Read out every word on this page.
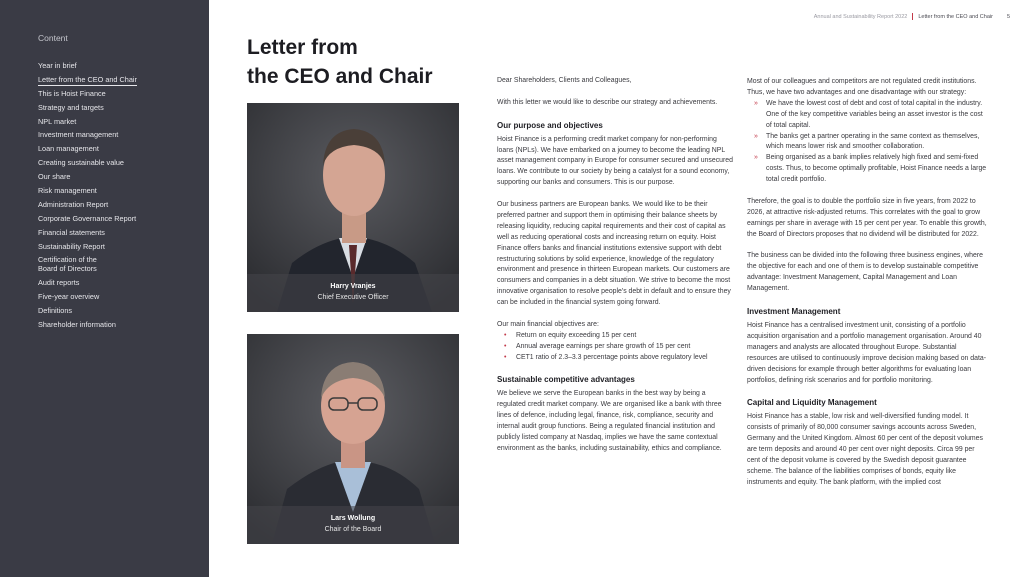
Content
Year in brief
Letter from the CEO and Chair
This is Hoist Finance
Strategy and targets
NPL market
Investment management
Loan management
Creating sustainable value
Our share
Risk management
Administration Report
Corporate Governance Report
Financial statements
Sustainability Report
Certification of the
Board of Directors
Audit reports
Five-year overview
Definitions
Shareholder information
Annual and Sustainability Report 2022 Letter from the CEO and Chair	5
Letter from
the CEO and Chair
Harry Vranjes
Chief Executive Officer
Lars Wollung
Chair of the Board

Dear Shareholders, Clients and Colleagues,

With this letter we would like to describe our strategy and achievements.

Our purpose and objectives

Hoist Finance is a performing credit market company for non-performing loans (NPLs). We have embarked on a journey to become the leading NPL asset management company in Europe for consumer secured and unsecured loans. We contribute to our society by being a catalyst for a sound economy, supporting our banks and consumers. This is our purpose.

Our business partners are European banks. We would like to be their preferred partner and support them in optimising their balance sheets by releasing liquidity, reducing capital requirements and their cost of capital as well as reducing operational costs and increasing return on equity. Hoist Finance offers banks and financial institutions extensive support with debt restructuring solutions by solid experience, knowledge of the regulatory environment and presence in thirteen European markets. Our customers are consumers and companies in a debt situation. We strive to become the most innovative organisation to resolve people's debt in default and to ensure they can be included in the financial system going forward.

Our main financial objectives are:

• Return on equity exceeding 15 per cent
• Annual average earnings per share growth of 15 per cent
• CET1 ratio of 2.3–3.3 percentage points above regulatory level
Sustainable competitive advantages

We believe we serve the European banks in the best way by being a regulated credit market company. We are organised like a bank with three lines of defence, including legal, finance, risk, compliance, security and internal audit group functions. Being a regulated financial institution and publicly listed company at Nasdaq, implies we have the same contextual environment as the banks, including sustainability, ethics and compliance.

Most of our colleagues and competitors are not regulated credit institutions. Thus, we have two advantages and one disadvantage with our strategy:

» We have the lowest cost of debt and cost of total capital in the industry. One of the key competitive variables being an asset investor is the cost of total capital.
» The banks get a partner operating in the same context as themselves, which means lower risk and smoother collaboration.
» Being organised as a bank implies relatively high fixed and semi-fixed costs. Thus, to become optimally profitable, Hoist Finance needs a large total credit portfolio.

Therefore, the goal is to double the portfolio size in five years, from 2022 to 2026, at attractive risk-adjusted returns. This correlates with the goal to grow earnings per share in average with 15 per cent per year. To enable this growth, the Board of Directors proposes that no dividend will be distributed for 2022.

The business can be divided into the following three business engines, where the objective for each and one of them is to develop sustainable competitive advantage: Investment Management, Capital Management and Loan Management.

Investment Management

Hoist Finance has a centralised investment unit, consisting of a portfolio acquisition organisation and a portfolio management organisation. Around 40 managers and analysts are allocated throughout Europe. Substantial resources are utilised to continuously improve decision making based on data-driven decisions for example through better algorithms for evaluating loan portfolios, defining risk scenarios and for portfolio monitoring.

Capital and Liquidity Management

Hoist Finance has a stable, low risk and well-diversified funding model. It consists of primarily of 80,000 consumer savings accounts across Sweden, Germany and the United Kingdom. Almost 60 per cent of the deposit volumes are term deposits and around 40 per cent over night deposits. Circa 99 per cent of the deposit volume is covered by the Swedish deposit guarantee scheme. The balance of the liabilities comprises of bonds, equity like instruments and equity. The bank platform, with the implied cost
